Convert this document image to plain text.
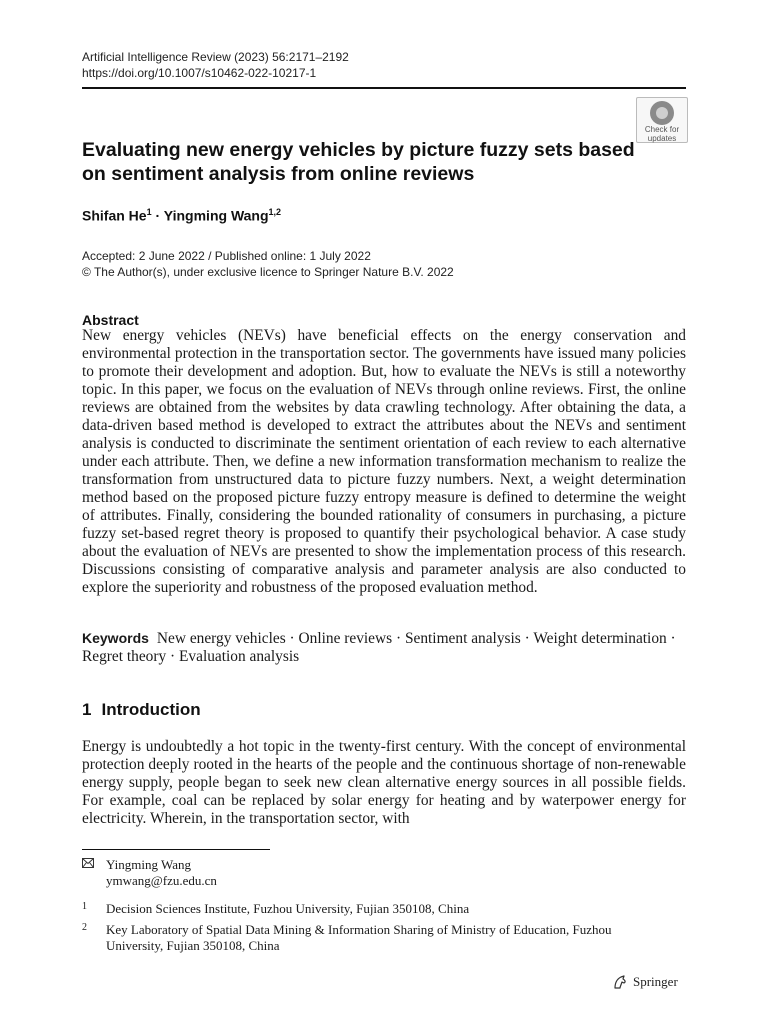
Artificial Intelligence Review (2023) 56:2171–2192
https://doi.org/10.1007/s10462-022-10217-1
Check for
updates
Evaluating new energy vehicles by picture fuzzy sets based
on sentiment analysis from online reviews
Shifan $He^1$ · Yingming Wang$^{1,2}$
Accepted: 2 June 2022 / Published online: 1 July 2022
© The Author(s), under exclusive licence to Springer Nature B.V. 2022
Abstract
New energy vehicles (NEVs) have beneficial effects on the energy conservation and environmental protection in the transportation sector. The governments have issued many policies to promote their development and adoption. But, how to evaluate the NEVs is still a noteworthy topic. In this paper, we focus on the evaluation of NEVs through online reviews. First, the online reviews are obtained from the websites by data crawling technology. After obtaining the data, a data-driven based method is developed to extract the attributes about the NEVs and sentiment analysis is conducted to discriminate the sentiment orientation of each review to each alternative under each attribute. Then, we define a new information transformation mechanism to realize the transformation from unstructured data to picture fuzzy numbers. Next, a weight determination method based on the proposed picture fuzzy entropy measure is defined to determine the weight of attributes. Finally, considering the bounded rationality of consumers in purchasing, a picture fuzzy set-based regret theory is proposed to quantify their psychological behavior. A case study about the evaluation of NEVs are presented to show the implementation process of this research. Discussions consisting of comparative analysis and parameter analysis are also conducted to explore the superiority and robustness of the proposed evaluation method.
Keywords New energy vehicles · Online reviews · Sentiment analysis · Weight determination · Regret theory · Evaluation analysis
1 Introduction
Energy is undoubtedly a hot topic in the twenty-first century. With the concept of environmental protection deeply rooted in the hearts of the people and the continuous shortage of non-renewable energy supply, people began to seek new clean alternative energy sources in all possible fields. For example, coal can be replaced by solar energy for heating and by waterpower energy for electricity. Wherein, in the transportation sector, with
Yingming Wang
ymwang@fzu.edu.cn
1 Decision Sciences Institute, Fuzhou University, Fujian 350108, China
2 Key Laboratory of Spatial Data Mining & Information Sharing of Ministry of Education, Fuzhou
University, Fujian 350108, China
Springer
